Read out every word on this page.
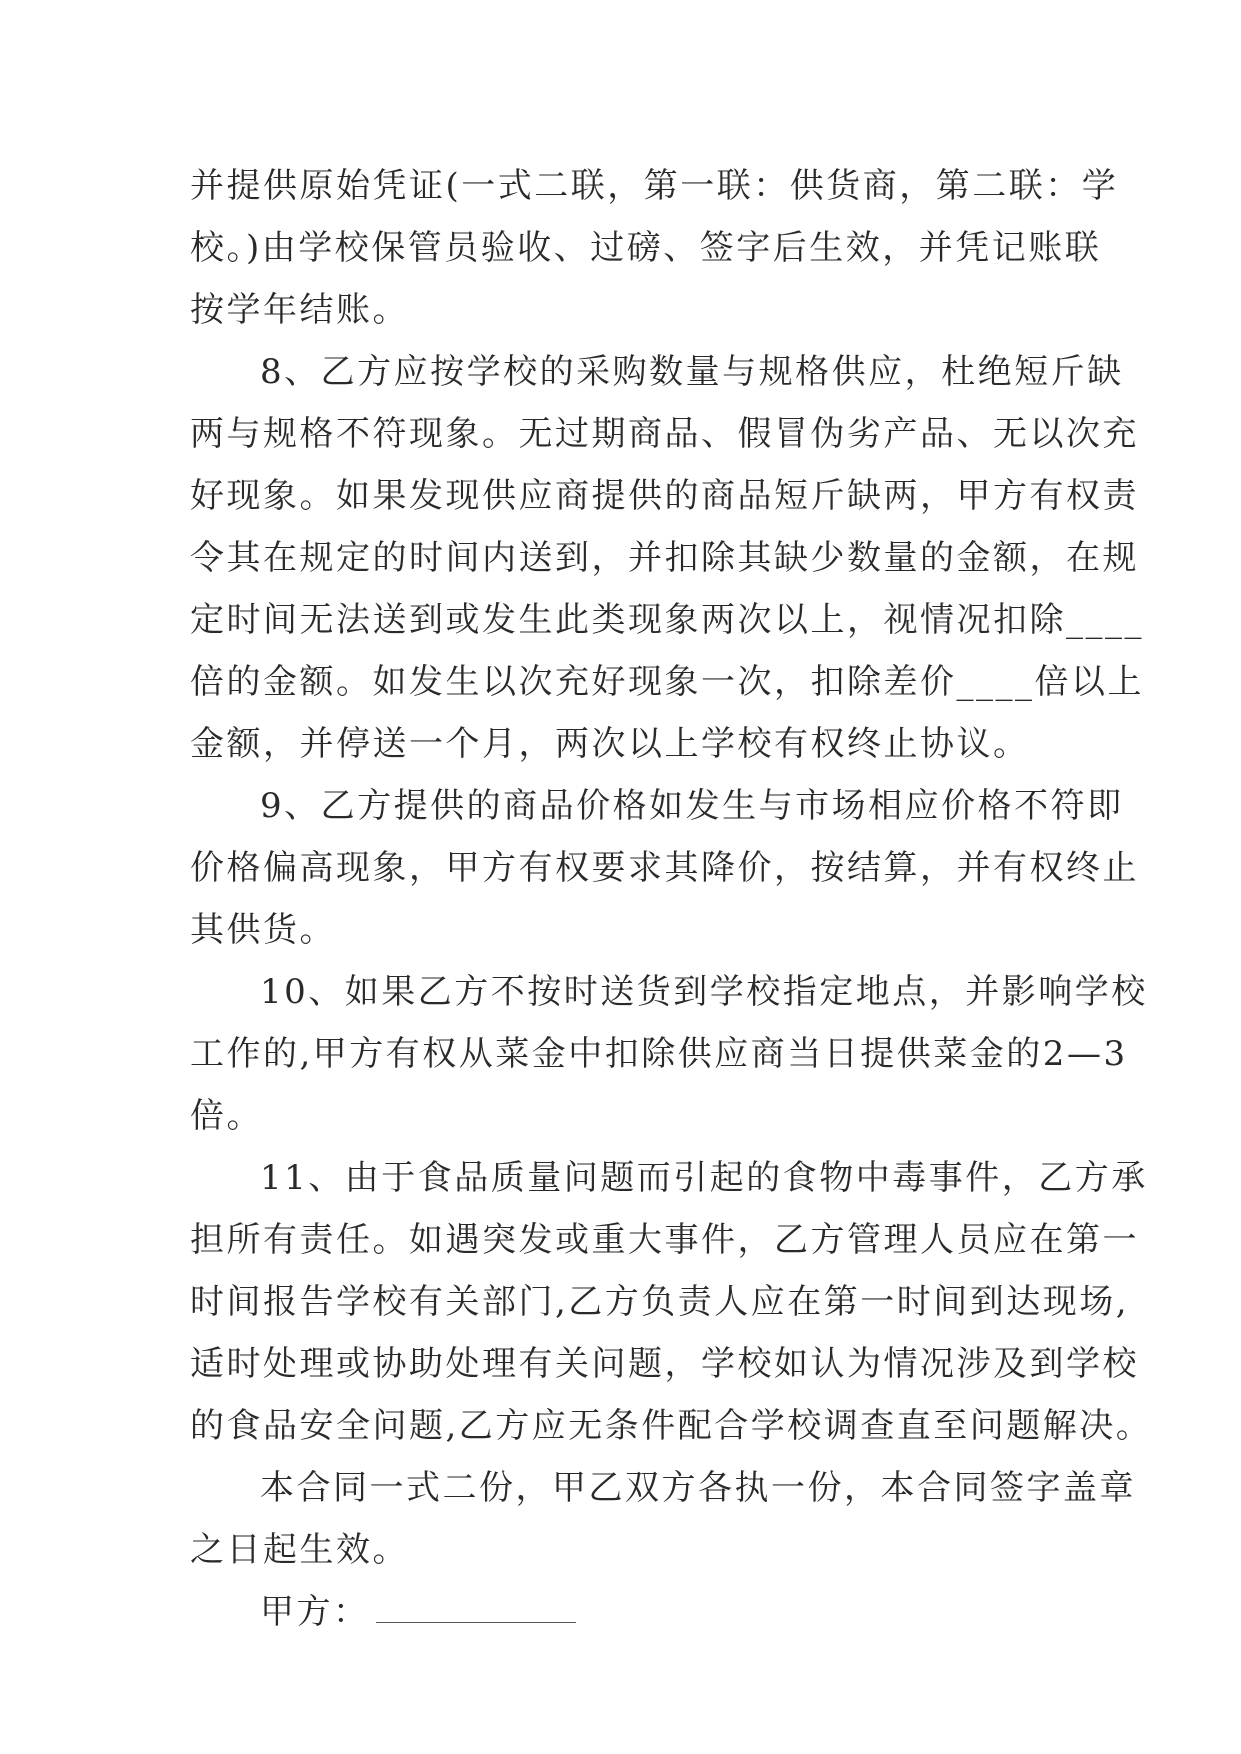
并提供原始凭证(一式二联，第一联：供货商，第二联：学
校。)由学校保管员验收、过磅、签字后生效，并凭记账联
按学年结账。

8、乙方应按学校的采购数量与规格供应，杜绝短斤缺
两与规格不符现象。无过期商品、假冒伪劣产品、无以次充
好现象。如果发现供应商提供的商品短斤缺两，甲方有权责
令其在规定的时间内送到，并扣除其缺少数量的金额，在规
定时间无法送到或发生此类现象两次以上，视情况扣除____
倍的金额。如发生以次充好现象一次，扣除差价____倍以上
金额，并停送一个月，两次以上学校有权终止协议。

9、乙方提供的商品价格如发生与市场相应价格不符即
价格偏高现象，甲方有权要求其降价，按结算，并有权终止
其供货。

10、如果乙方不按时送货到学校指定地点，并影响学校
工作的,甲方有权从菜金中扣除供应商当日提供菜金的2—3
倍。

11、由于食品质量问题而引起的食物中毒事件，乙方承
担所有责任。如遇突发或重大事件，乙方管理人员应在第一
时间报告学校有关部门,乙方负责人应在第一时间到达现场,
适时处理或协助处理有关问题，学校如认为情况涉及到学校
的食品安全问题,乙方应无条件配合学校调查直至问题解决。

本合同一式二份，甲乙双方各执一份，本合同签字盖章
之日起生效。

甲方：
